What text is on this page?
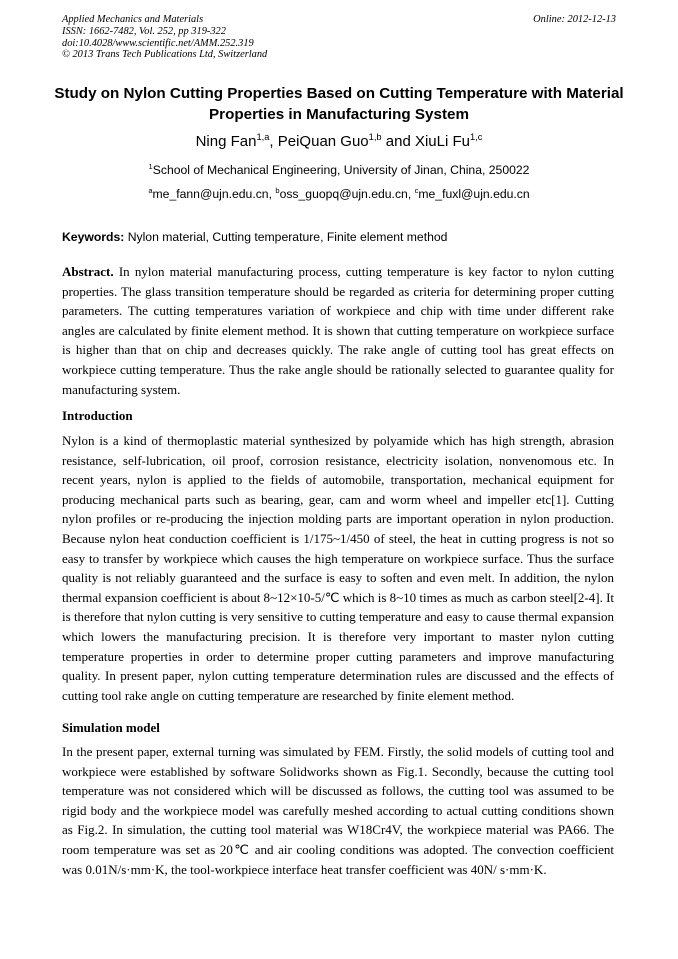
Applied Mechanics and Materials
ISSN: 1662-7482, Vol. 252, pp 319-322
doi:10.4028/www.scientific.net/AMM.252.319
© 2013 Trans Tech Publications Ltd, Switzerland
Online: 2012-12-13
Study on Nylon Cutting Properties Based on Cutting Temperature with Material Properties in Manufacturing System
Ning Fan$^{1,a}$, PeiQuan Guo$^{1,b}$ and XiuLi Fu$^{1,c}$
$^1$School of Mechanical Engineering, University of Jinan, China, 250022
$^a$me_fann@ujn.edu.cn, $^b$oss_guopq@ujn.edu.cn, $^c$me_fuxl@ujn.edu.cn
Keywords: Nylon material, Cutting temperature, Finite element method

Abstract. In nylon material manufacturing process, cutting temperature is key factor to nylon cutting properties. The glass transition temperature should be regarded as criteria for determining proper cutting parameters. The cutting temperatures variation of workpiece and chip with time under different rake angles are calculated by finite element method. It is shown that cutting temperature on workpiece surface is higher than that on chip and decreases quickly. The rake angle of cutting tool has great effects on workpiece cutting temperature. Thus the rake angle should be rationally selected to guarantee quality for manufacturing system.

Introduction

Nylon is a kind of thermoplastic material synthesized by polyamide which has high strength, abrasion resistance, self-lubrication, oil proof, corrosion resistance, electricity isolation, nonvenomous etc. In recent years, nylon is applied to the fields of automobile, transportation, mechanical equipment for producing mechanical parts such as bearing, gear, cam and worm wheel and impeller etc[1]. Cutting nylon profiles or re-producing the injection molding parts are important operation in nylon production. Because nylon heat conduction coefficient is 1/175~1/450 of steel, the heat in cutting progress is not so easy to transfer by workpiece which causes the high temperature on workpiece surface. Thus the surface quality is not reliably guaranteed and the surface is easy to soften and even melt. In addition, the nylon thermal expansion coefficient is about 8~12×10-5/℃ which is 8~10 times as much as carbon steel[2-4]. It is therefore that nylon cutting is very sensitive to cutting temperature and easy to cause thermal expansion which lowers the manufacturing precision. It is therefore very important to master nylon cutting temperature properties in order to determine proper cutting parameters and improve manufacturing quality. In present paper, nylon cutting temperature determination rules are discussed and the effects of cutting tool rake angle on cutting temperature are researched by finite element method.

Simulation model

In the present paper, external turning was simulated by FEM. Firstly, the solid models of cutting tool and workpiece were established by software Solidworks shown as Fig.1. Secondly, because the cutting tool temperature was not considered which will be discussed as follows, the cutting tool was assumed to be rigid body and the workpiece model was carefully meshed according to actual cutting conditions shown as Fig.2. In simulation, the cutting tool material was W18Cr4V, the workpiece material was PA66. The room temperature was set as 20℃ and air cooling conditions was adopted. The convection coefficient was 0.01N/s·mm·K, the tool-workpiece interface heat transfer coefficient was 40N/ s·mm·K.
